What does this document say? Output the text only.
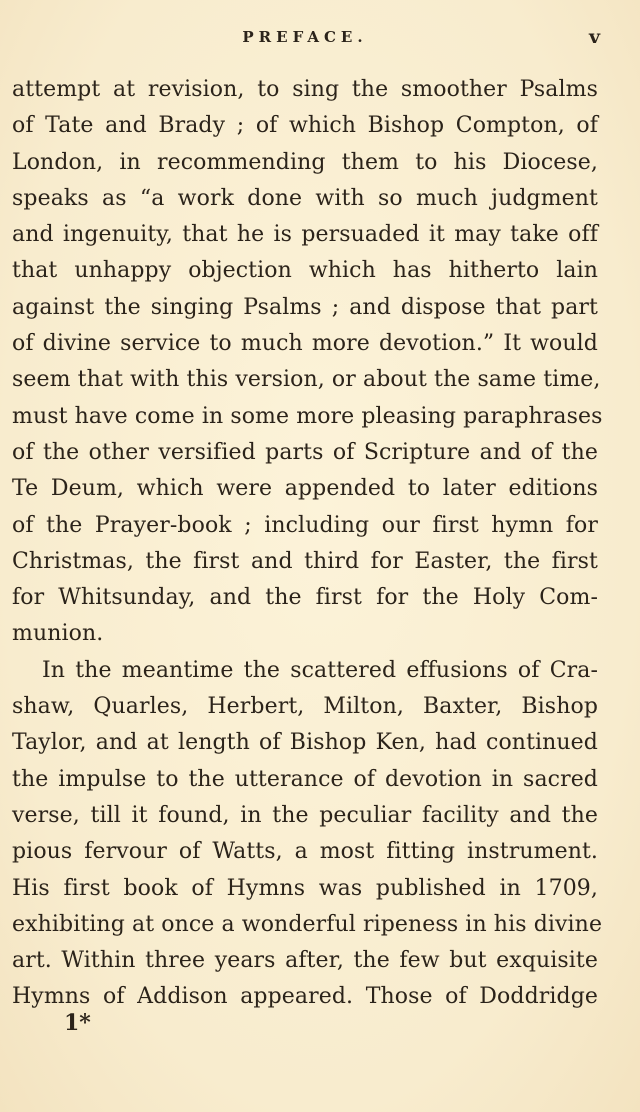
PREFACE.	v
attempt at revision, to sing the smoother Psalms
of Tate and Brady ; of which Bishop Compton, of
London, in recommending them to his Diocese,
speaks as “a work done with so much judgment
and ingenuity, that he is persuaded it may take off
that unhappy objection which has hitherto lain
against the singing Psalms ; and dispose that part
of divine service to much more devotion.” It would
seem that with this version, or about the same time,
must have come in some more pleasing paraphrases
of the other versified parts of Scripture and of the
Te Deum, which were appended to later editions
of the Prayer-book ; including our first hymn for
Christmas, the first and third for Easter, the first
for Whitsunday, and the first for the Holy Com-
munion.
In the meantime the scattered effusions of Cra-
shaw, Quarles, Herbert, Milton, Baxter, Bishop
Taylor, and at length of Bishop Ken, had continued
the impulse to the utterance of devotion in sacred
verse, till it found, in the peculiar facility and the
pious fervour of Watts, a most fitting instrument.
His first book of Hymns was published in 1709,
exhibiting at once a wonderful ripeness in his divine
art. Within three years after, the few but exquisite
Hymns of Addison appeared. Those of Doddridge
1*
